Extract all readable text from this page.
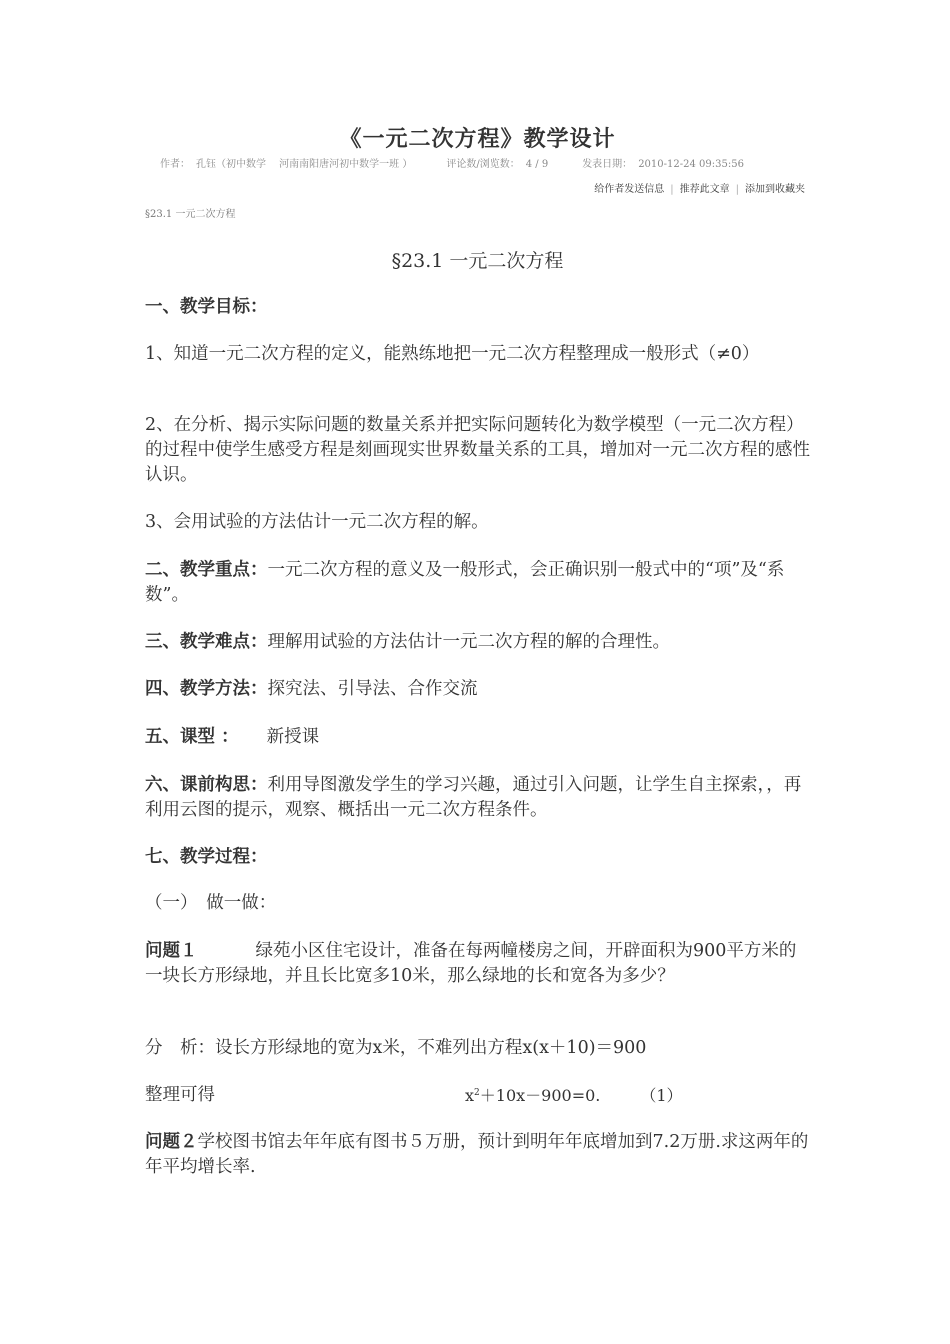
《一元二次方程》教学设计
作者： 孔钰（初中数学　 河南南阳唐河初中数学一班 ）	评论数/浏览数： 4 / 9	发表日期： 2010-12-24 09:35:56
给作者发送信息 | 推荐此文章 | 添加到收藏夹
§23.1 一元二次方程
§23.1 一元二次方程
一、教学目标：
1、知道一元二次方程的定义，能熟练地把一元二次方程整理成一般形式（≠0）
2、在分析、揭示实际问题的数量关系并把实际问题转化为数学模型（一元二次方程）的过程中使学生感受方程是刻画现实世界数量关系的工具，增加对一元二次方程的感性认识。
3、会用试验的方法估计一元二次方程的解。
二、教学重点：一元二次方程的意义及一般形式，会正确识别一般式中的“项”及“系数”。
三、教学难点：理解用试验的方法估计一元二次方程的解的合理性。
四、教学方法：探究法、引导法、合作交流
五、课型 ： 新授课
六、课前构思：利用导图激发学生的学习兴趣，通过引入问题，让学生自主探索，，再利用云图的提示，观察、概括出一元二次方程条件。
七、教学过程：
（一）　做一做：
问题１	绿苑小区住宅设计，准备在每两幢楼房之间，开辟面积为900平方米的一块长方形绿地，并且长比宽多10米，那么绿地的长和宽各为多少？
分　析：设长方形绿地的宽为x米，不难列出方程x(x＋10)＝900
整理可得	$x^2+10x-900=0$.	（1）
问题２学校图书馆去年年底有图书５万册，预计到明年年底增加到7.2万册.求这两年的年平均增长率.
